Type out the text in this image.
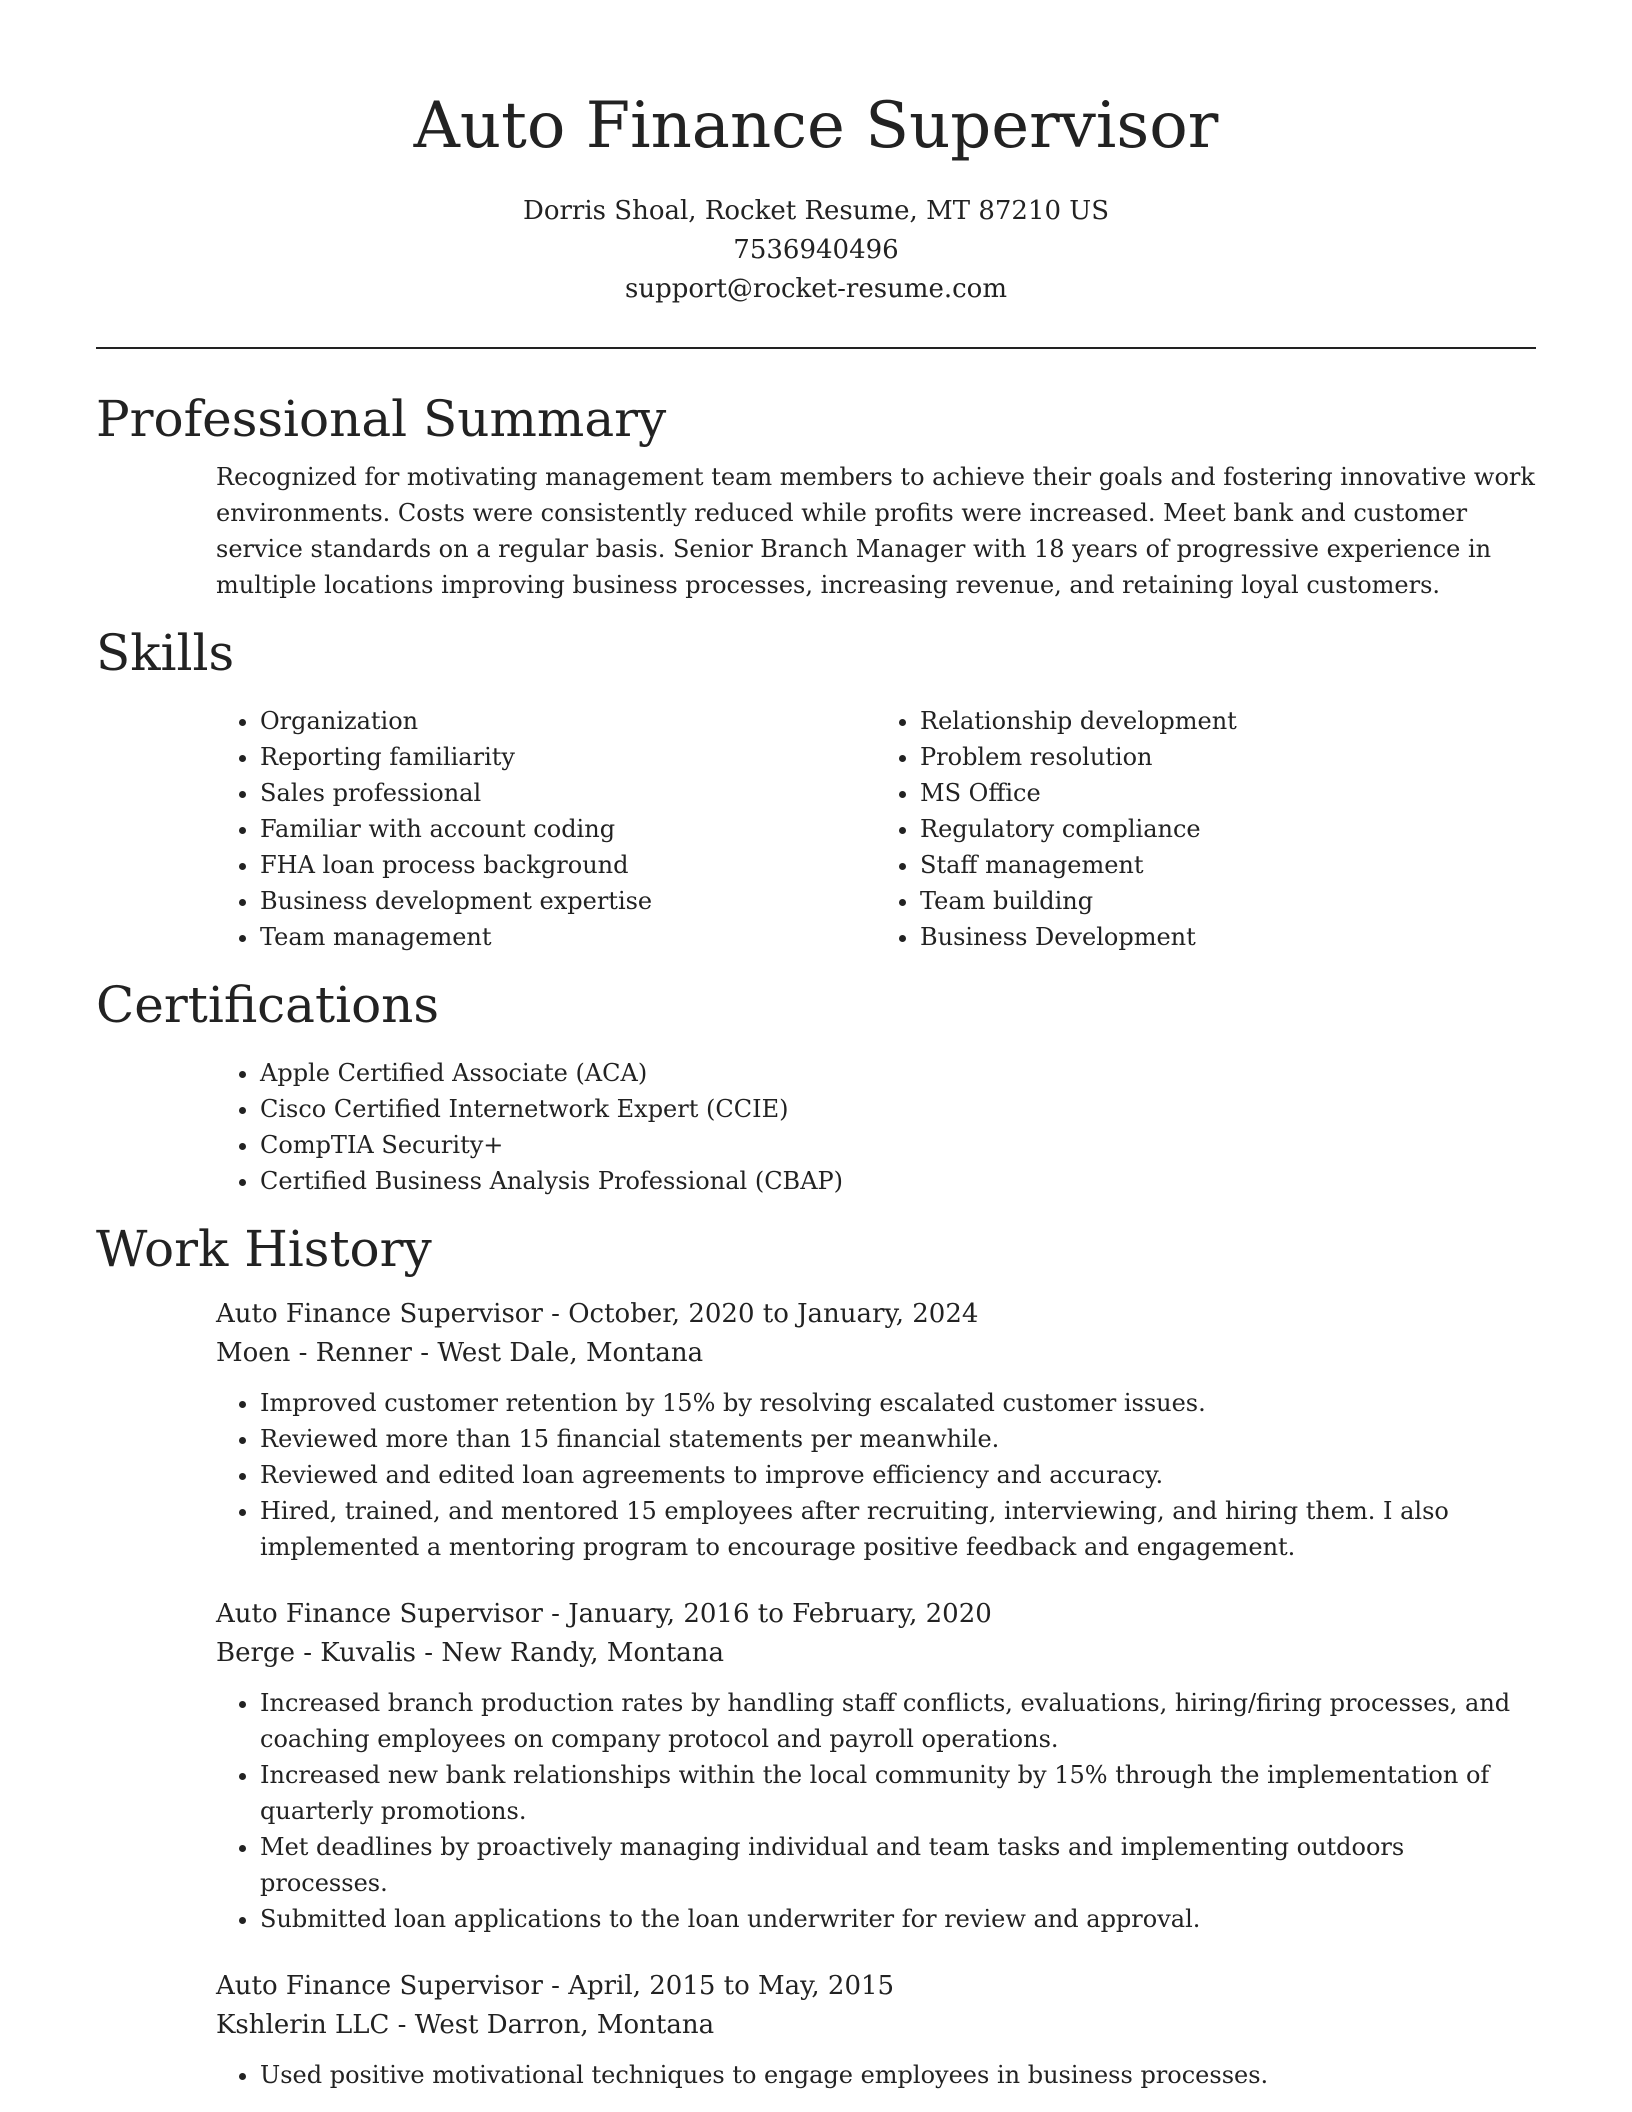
Auto Finance Supervisor
Dorris Shoal, Rocket Resume, MT 87210 US
7536940496
support@rocket-resume.com
Professional Summary

Recognized for motivating management team members to achieve their goals and fostering innovative work environments. Costs were consistently reduced while profits were increased. Meet bank and customer service standards on a regular basis. Senior Branch Manager with 18 years of progressive experience in multiple locations improving business processes, increasing revenue, and retaining loyal customers.

Skills
• Organization
• Reporting familiarity
• Sales professional
• Familiar with account coding
• FHA loan process background
• Business development expertise
• Team management
• Relationship development
• Problem resolution
• MS Office
• Regulatory compliance
• Staff management
• Team building
• Business Development
Certifications
• Apple Certified Associate (ACA)
• Cisco Certified Internetwork Expert (CCIE)
• CompTIA Security+
• Certified Business Analysis Professional (CBAP)
Work History

Auto Finance Supervisor - October, 2020 to January, 2024

Moen - Renner - West Dale, Montana

• Improved customer retention by 15% by resolving escalated customer issues.
• Reviewed more than 15 financial statements per meanwhile.
• Reviewed and edited loan agreements to improve efficiency and accuracy.
• Hired, trained, and mentored 15 employees after recruiting, interviewing, and hiring them. I also implemented a mentoring program to encourage positive feedback and engagement.

Auto Finance Supervisor - January, 2016 to February, 2020

Berge - Kuvalis - New Randy, Montana

• Increased branch production rates by handling staff conflicts, evaluations, hiring/firing processes, and coaching employees on company protocol and payroll operations.
• Increased new bank relationships within the local community by 15% through the implementation of quarterly promotions.
• Met deadlines by proactively managing individual and team tasks and implementing outdoors processes.
• Submitted loan applications to the loan underwriter for review and approval.

Auto Finance Supervisor - April, 2015 to May, 2015

Kshlerin LLC - West Darron, Montana

• Used positive motivational techniques to engage employees in business processes.
